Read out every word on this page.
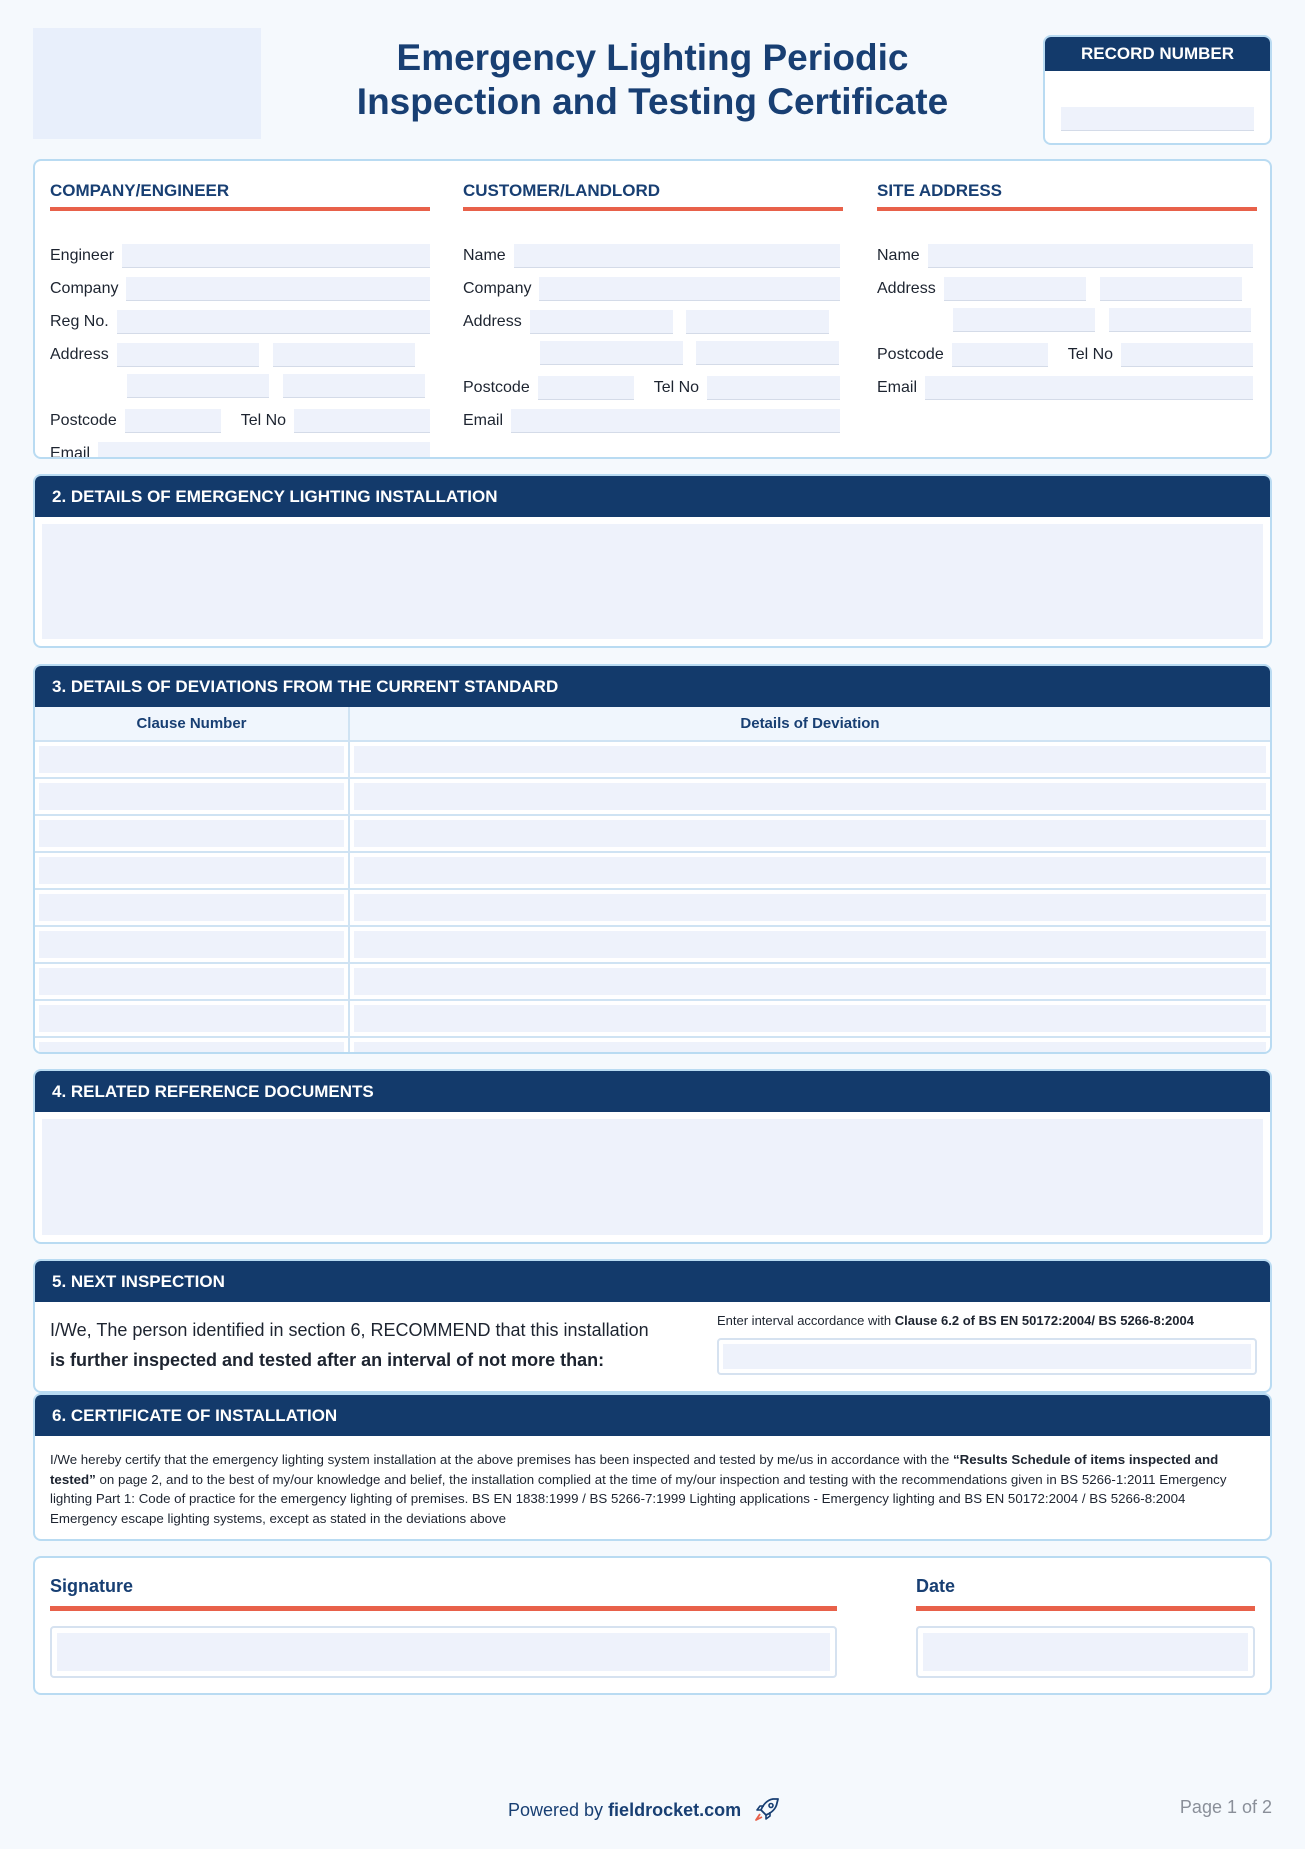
Emergency Lighting Periodic
Inspection and Testing Certificate
RECORD NUMBER
COMPANY/ENGINEER
Engineer
Company
Reg No.
Address
Postcode	Tel No
Email
CUSTOMER/LANDLORD
Name
Company
Address
Postcode	Tel No
Email
SITE ADDRESS
Name
Address
Postcode	Tel No
Email
2. DETAILS OF EMERGENCY LIGHTING INSTALLATION
3. DETAILS OF DEVIATIONS FROM THE CURRENT STANDARD
Clause Number	Details of Deviation

4. RELATED REFERENCE DOCUMENTS
5. NEXT INSPECTION
I/We, The person identified in section 6, RECOMMEND that this installation
is further inspected and tested after an interval of not more than:
Enter interval accordance with Clause 6.2 of BS EN 50172:2004/ BS 5266-8:2004
6. CERTIFICATE OF INSTALLATION
I/We hereby certify that the emergency lighting system installation at the above premises has been inspected and tested by me/us in accordance with the “Results Schedule of items inspected and tested” on page 2, and to the best of my/our knowledge and belief, the installation complied at the time of my/our inspection and testing with the recommendations given in BS 5266-1:2011 Emergency lighting Part 1: Code of practice for the emergency lighting of premises. BS EN 1838:1999 / BS 5266-7:1999 Lighting applications - Emergency lighting and BS EN 50172:2004 / BS 5266-8:2004 Emergency escape lighting systems, except as stated in the deviations above
Signature	Date
Powered by fieldrocket.com	Page 1 of 2
